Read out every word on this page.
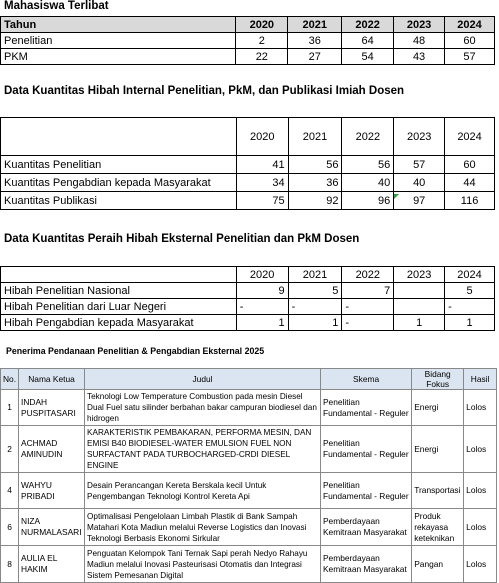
Mahasiswa Terlibat
Tahun	2020	2021	2022	2023	2024
Penelitian	2	36	64	48	60
PKM	22	27	54	43	57
Data Kuantitas Hibah Internal Penelitian, PkM, dan Publikasi Imiah Dosen
	2020	2021	2022	2023	2024
Kuantitas Penelitian	41	56	56	57	60
Kuantitas Pengabdian kepada Masyarakat	34	36	40	40	44
Kuantitas Publikasi	75	92	96	97	116
Data Kuantitas Peraih Hibah Eksternal Penelitian dan PkM Dosen
	2020	2021	2022	2023	2024
Hibah Penelitian Nasional	9	5	7		5
Hibah Penelitian dari Luar Negeri	-	-	-		-
Hibah Pengabdian kepada Masyarakat	1	1	-	1	1
Penerima Pendanaan Penelitian & Pengabdian Eksternal 2025
No.	Nama Ketua	Judul	Skema	Bidang Fokus	Hasil
1	INDAH PUSPITASARI	Teknologi Low Temperature Combustion pada mesin Diesel Dual Fuel satu silinder berbahan bakar campuran biodiesel dan hidrogen	Penelitian Fundamental - Reguler	Energi	Lolos
2	ACHMAD AMINUDIN	KARAKTERISTIK PEMBAKARAN, PERFORMA MESIN, DAN EMISI B40 BIODIESEL-WATER EMULSION FUEL NON SURFACTANT PADA TURBOCHARGED-CRDI DIESEL ENGINE	Penelitian Fundamental - Reguler	Energi	Lolos
4	WAHYU PRIBADI	Desain Perancangan Kereta Berskala kecil Untuk Pengembangan Teknologi Kontrol Kereta Api	Penelitian Fundamental - Reguler	Transportasi	Lolos
6	NIZA NURMALASARI	Optimalisasi Pengelolaan Limbah Plastik di Bank Sampah Matahari Kota Madiun melalui Reverse Logistics dan Inovasi Teknologi Berbasis Ekonomi Sirkular	Pemberdayaan Kemitraan Masyarakat	Produk rekayasa keteknikan	Lolos
8	AULIA EL HAKIM	Penguatan Kelompok Tani Ternak Sapi perah Nedyo Rahayu Madiun melalui Inovasi Pasteurisasi Otomatis dan Integrasi Sistem Pemesanan Digital	Pemberdayaan Kemitraan Masyarakat	Pangan	Lolos
